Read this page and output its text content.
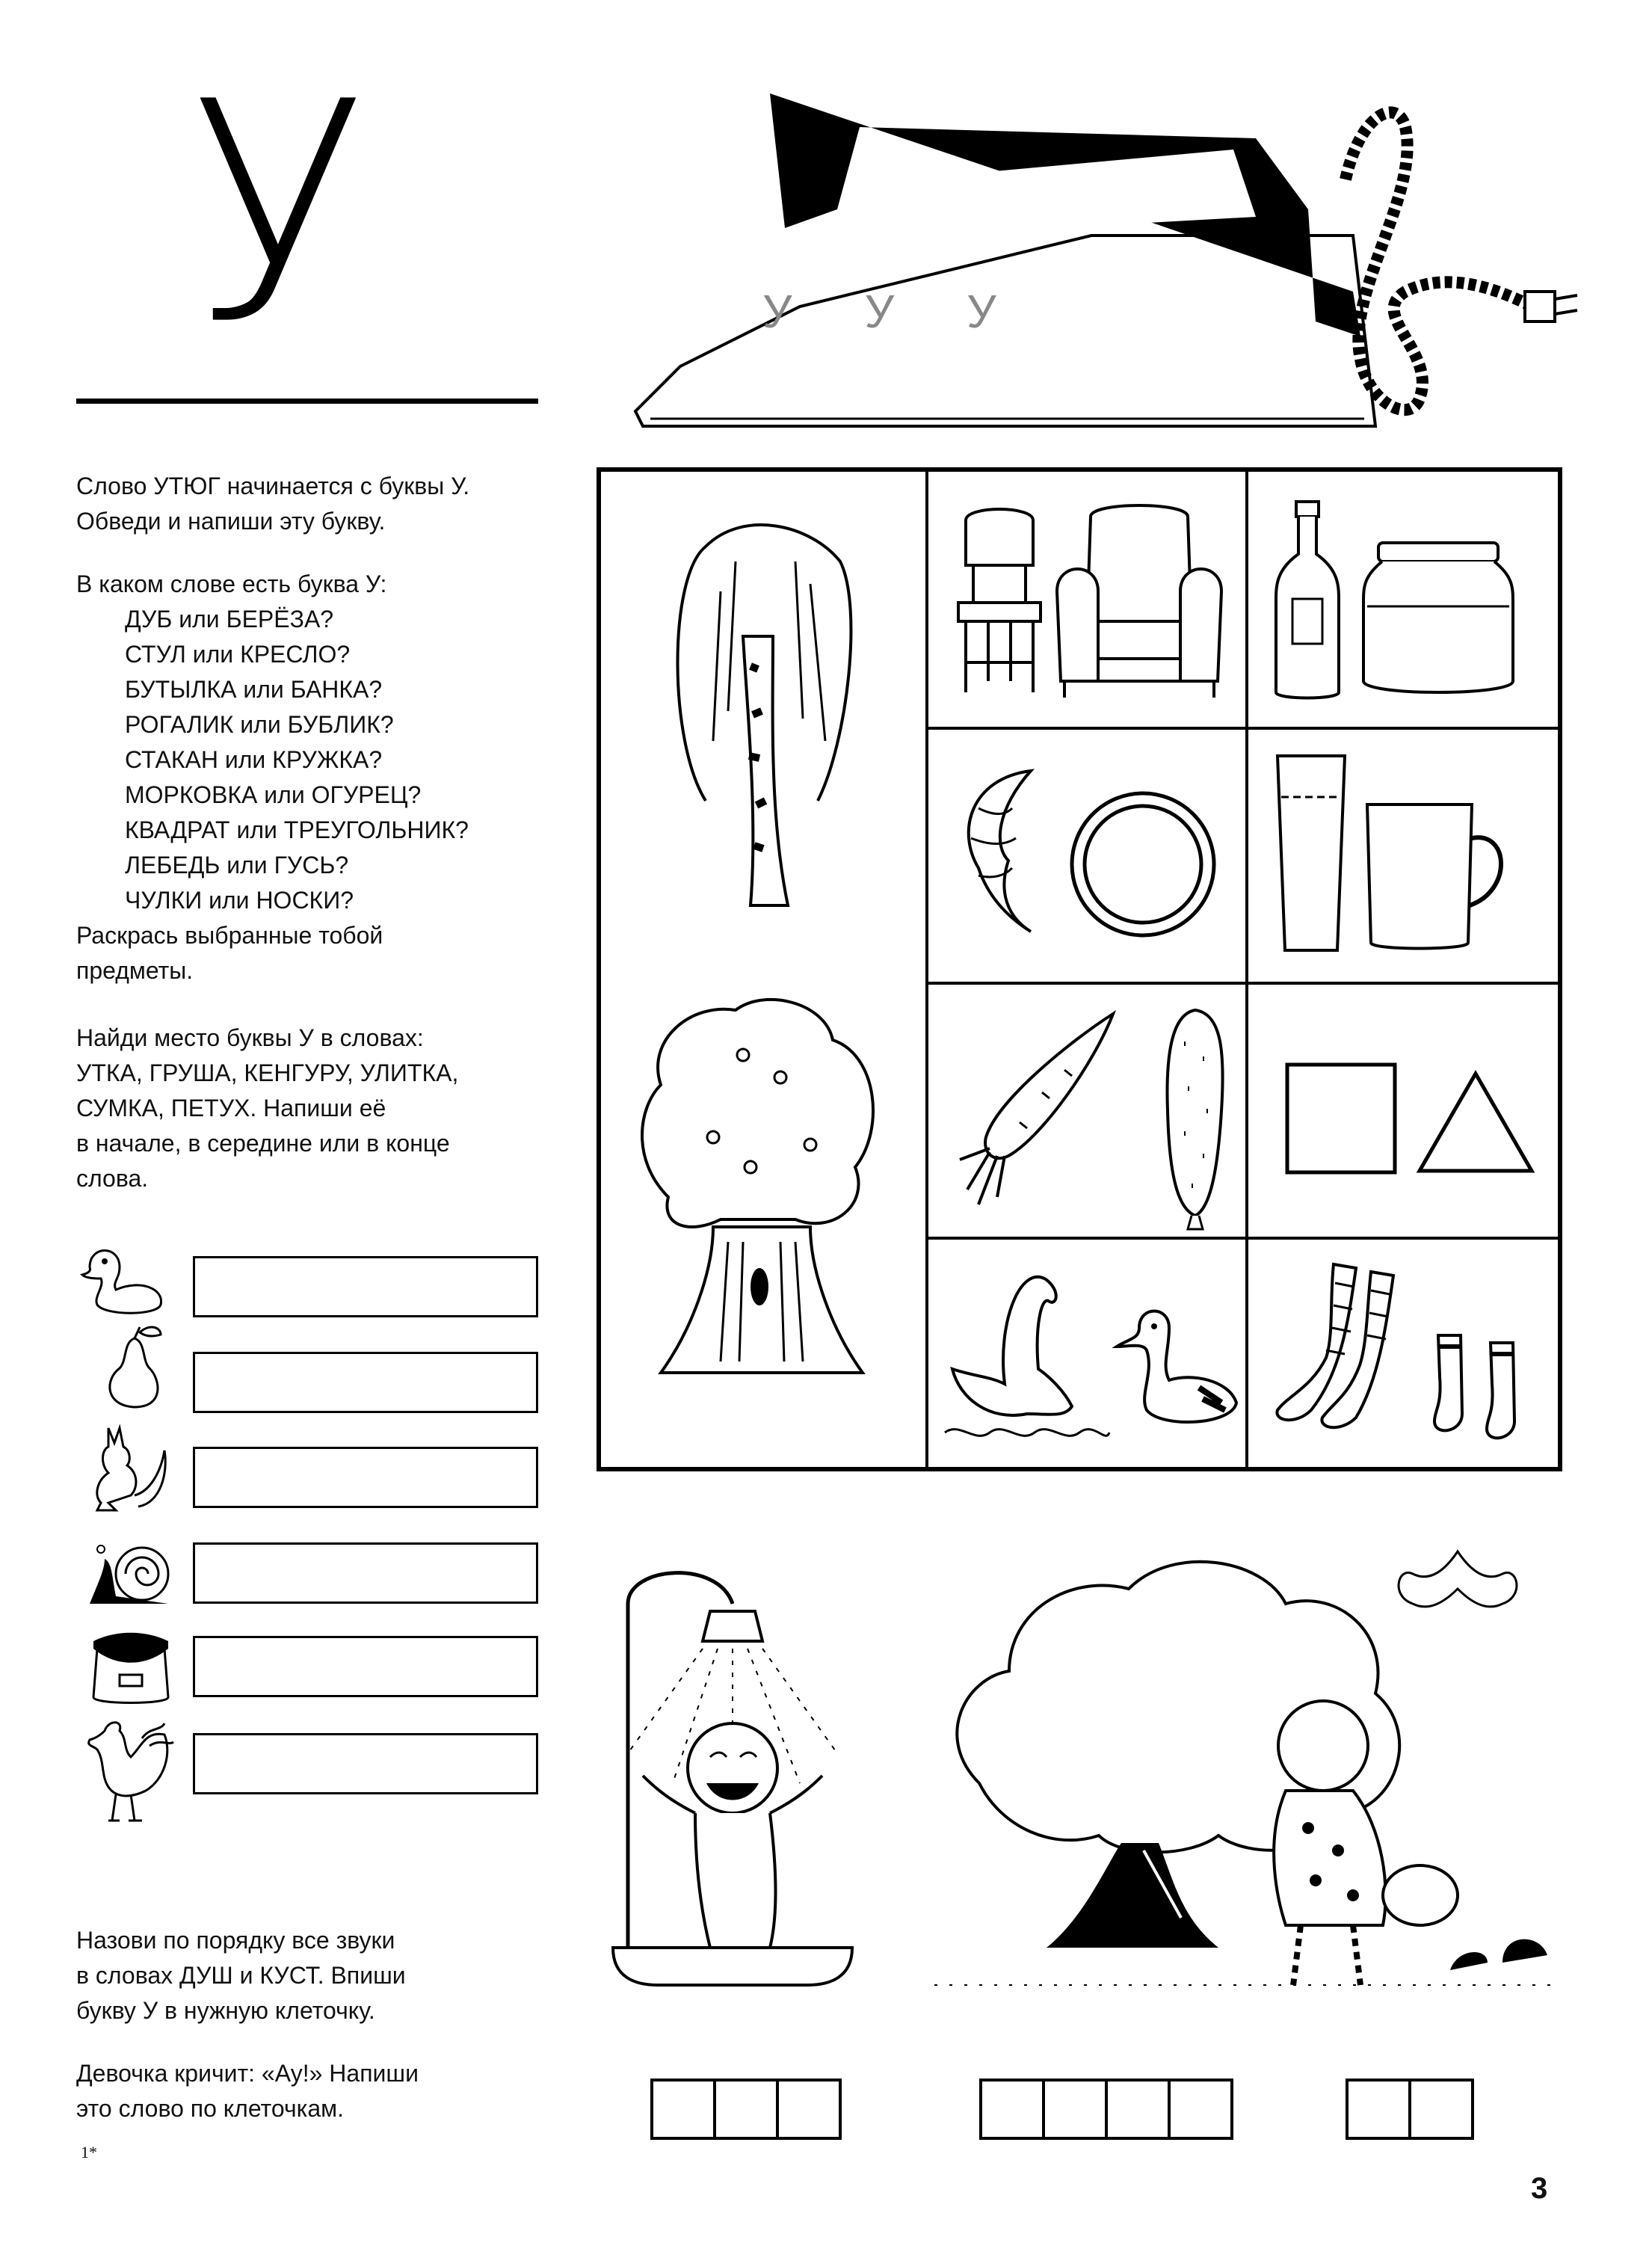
У	У У У
Слово УТЮГ начинается с буквы У.
Обведи и напиши эту букву.
В каком слове есть буква У:
ДУБ или БЕРЁЗА?
СТУЛ или КРЕСЛО?
БУТЫЛКА или БАНКА?
РОГАЛИК или БУБЛИК?
СТАКАН или КРУЖКА?
МОРКОВКА или ОГУРЕЦ?
КВАДРАТ или ТРЕУГОЛЬНИК?
ЛЕБЕДЬ или ГУСЬ?
ЧУЛКИ или НОСКИ?
Раскрась выбранные тобой
предметы.
Найди место буквы У в словах:
УТКА, ГРУША, КЕНГУРУ, УЛИТКА,
СУМКА, ПЕТУХ. Напиши её
в начале, в середине или в конце
слова.
Назови по порядку все звуки
в словах ДУШ и КУСТ. Впиши
букву У в нужную клеточку.
Девочка кричит: «Ау!» Напиши
это слово по клеточкам.
1*
3
